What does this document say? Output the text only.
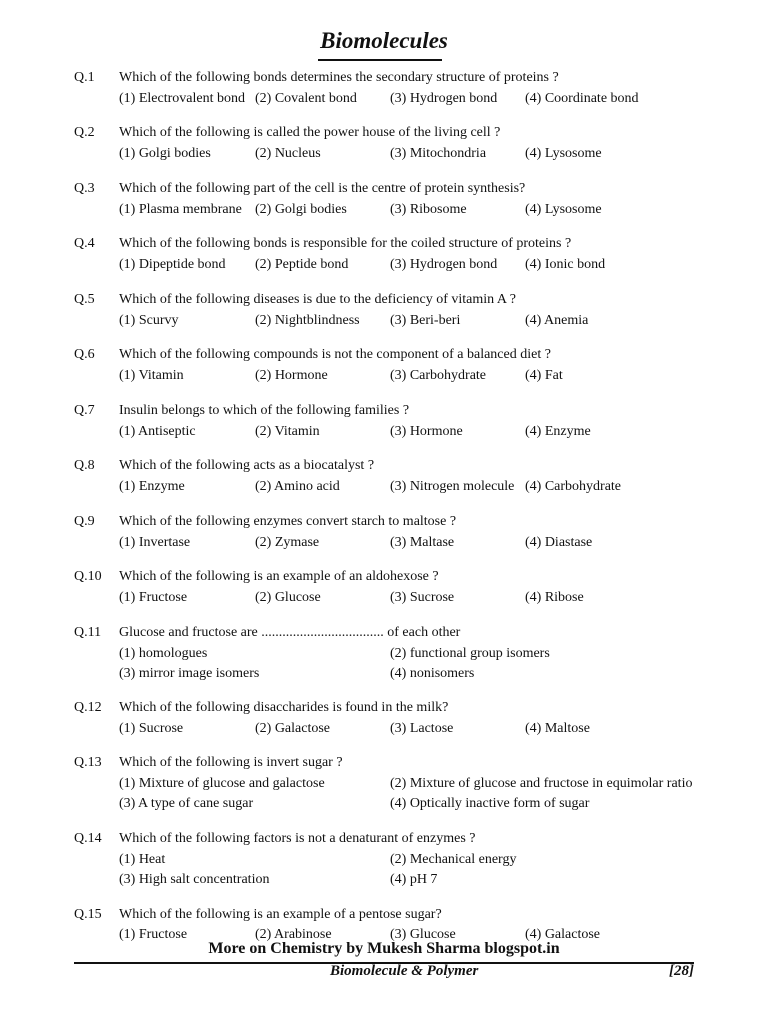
Biomolecules
Q.1 Which of the following bonds determines the secondary structure of proteins ?
(1) Electrovalent bond (2) Covalent bond (3) Hydrogen bond (4) Coordinate bond
Q.2 Which of the following is called the power house of the living cell ?
(1) Golgi bodies	(2) Nucleus	(3) Mitochondria	(4) Lysosome
Q.3 Which of the following part of the cell is the centre of protein synthesis?
(1) Plasma membrane (2) Golgi bodies	(3) Ribosome	(4) Lysosome
Q.4 Which of the following bonds is responsible for the coiled structure of proteins ?
(1) Dipeptide bond (2) Peptide bond	(3) Hydrogen bond (4) Ionic bond
Q.5 Which of the following diseases is due to the deficiency of vitamin A ?
(1) Scurvy	(2) Nightblindness (3) Beri-beri	(4) Anemia
Q.6 Which of the following compounds is not the component of a balanced diet ?
(1) Vitamin	(2) Hormone	(3) Carbohydrate	(4) Fat
Q.7 Insulin belongs to which of the following families ?
(1) Antiseptic	(2) Vitamin	(3) Hormone	(4) Enzyme
Q.8 Which of the following acts as a biocatalyst ?
(1) Enzyme	(2) Amino acid	(3) Nitrogen molecule (4) Carbohydrate
Q.9 Which of the following enzymes convert starch to maltose ?
(1) Invertase	(2) Zymase	(3) Maltase	(4) Diastase
Q.10 Which of the following is an example of an aldohexose ?
(1) Fructose	(2) Glucose	(3) Sucrose	(4) Ribose
Q.11 Glucose and fructose are ................................... of each other
(1) homologues	(2) functional group isomers
(3) mirror image isomers	(4) nonisomers
Q.12 Which of the following disaccharides is found in the milk?
(1) Sucrose	(2) Galactose	(3) Lactose	(4) Maltose
Q.13 Which of the following is invert sugar ?
(1) Mixture of glucose and galactose	(2) Mixture of glucose and fructose in equimolar ratio
(3) A type of cane sugar	(4) Optically inactive form of sugar
Q.14 Which of the following factors is not a denaturant of enzymes ?
(1) Heat	(2) Mechanical energy
(3) High salt concentration	(4) pH 7
Q.15 Which of the following is an example of a pentose sugar?
(1) Fructose	(2) Arabinose	(3) Glucose	(4) Galactose
More on Chemistry by Mukesh Sharma blogspot.in
Biomolecule & Polymer	[28]
